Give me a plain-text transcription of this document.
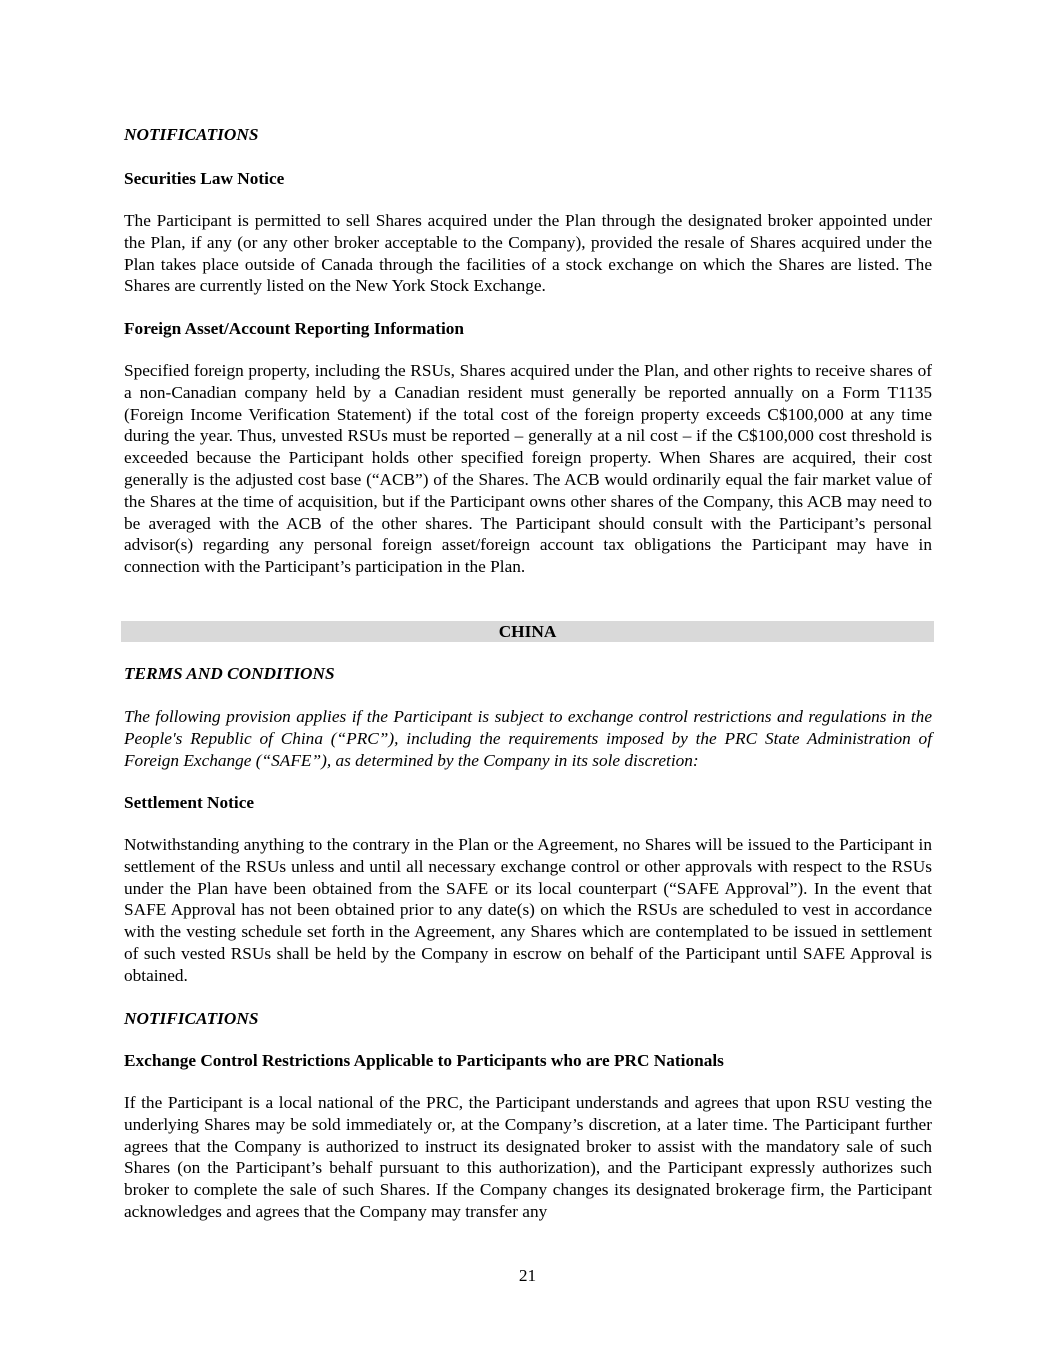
NOTIFICATIONS

Securities Law Notice

The Participant is permitted to sell Shares acquired under the Plan through the designated broker appointed under the Plan, if any (or any other broker acceptable to the Company), provided the resale of Shares acquired under the Plan takes place outside of Canada through the facilities of a stock exchange on which the Shares are listed. The Shares are currently listed on the New York Stock Exchange.

Foreign Asset/Account Reporting Information

Specified foreign property, including the RSUs, Shares acquired under the Plan, and other rights to receive shares of a non-Canadian company held by a Canadian resident must generally be reported annually on a Form T1135 (Foreign Income Verification Statement) if the total cost of the foreign property exceeds C$100,000 at any time during the year. Thus, unvested RSUs must be reported – generally at a nil cost – if the C$100,000 cost threshold is exceeded because the Participant holds other specified foreign property. When Shares are acquired, their cost generally is the adjusted cost base (“ACB”) of the Shares. The ACB would ordinarily equal the fair market value of the Shares at the time of acquisition, but if the Participant owns other shares of the Company, this ACB may need to be averaged with the ACB of the other shares. The Participant should consult with the Participant’s personal advisor(s) regarding any personal foreign asset/foreign account tax obligations the Participant may have in connection with the Participant’s participation in the Plan.

CHINA

TERMS AND CONDITIONS

The following provision applies if the Participant is subject to exchange control restrictions and regulations in the People's Republic of China (“PRC”), including the requirements imposed by the PRC State Administration of Foreign Exchange (“SAFE”), as determined by the Company in its sole discretion:

Settlement Notice

Notwithstanding anything to the contrary in the Plan or the Agreement, no Shares will be issued to the Participant in settlement of the RSUs unless and until all necessary exchange control or other approvals with respect to the RSUs under the Plan have been obtained from the SAFE or its local counterpart (“SAFE Approval”). In the event that SAFE Approval has not been obtained prior to any date(s) on which the RSUs are scheduled to vest in accordance with the vesting schedule set forth in the Agreement, any Shares which are contemplated to be issued in settlement of such vested RSUs shall be held by the Company in escrow on behalf of the Participant until SAFE Approval is obtained.

NOTIFICATIONS

Exchange Control Restrictions Applicable to Participants who are PRC Nationals

If the Participant is a local national of the PRC, the Participant understands and agrees that upon RSU vesting the underlying Shares may be sold immediately or, at the Company’s discretion, at a later time. The Participant further agrees that the Company is authorized to instruct its designated broker to assist with the mandatory sale of such Shares (on the Participant’s behalf pursuant to this authorization), and the Participant expressly authorizes such broker to complete the sale of such Shares. If the Company changes its designated brokerage firm, the Participant acknowledges and agrees that the Company may transfer any

21
